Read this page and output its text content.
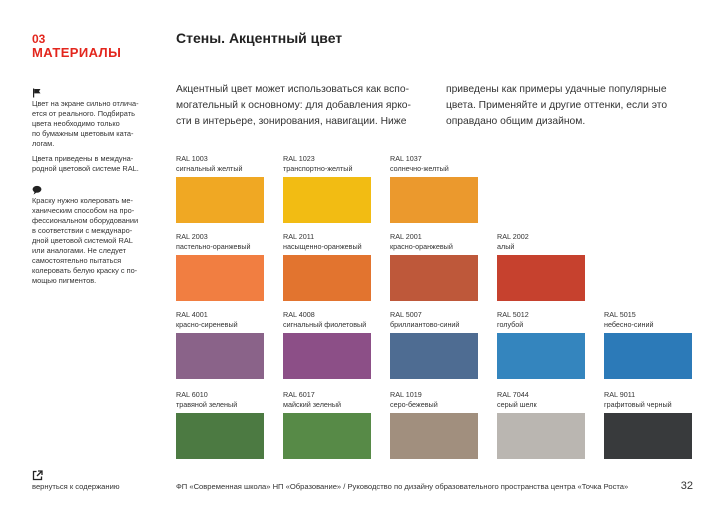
03
МАТЕРИАЛЫ
Стены. Акцентный цвет
Цвет на экране сильно отлича-
ется от реального. Подбирать
цвета необходимо только
по бумажным цветовым ката-
логам.
Цвета приведены в междуна-
родной цветовой системе RAL.
Краску нужно колеровать ме-
ханическим способом на про-
фессиональном оборудовании
в соответствии с междунаро-
дной цветовой системой RAL
или аналогами. Не следует
самостоятельно пытаться
колеровать белую краску с по-
мощью пигментов.
Акцентный цвет может использоваться как вспо-
могательный к основному: для добавления яркo-
сти в интерьере, зонирования, навигации. Ниже
приведены как примеры удачные популярные
цвета. Применяйте и другие оттенки, если это
оправдано общим дизайном.
RAL 1003
сигнальный желтый
RAL 1023
транспортно-желтый
RAL 1037
солнечно-желтый
RAL 2003
пастельно-оранжевый
RAL 2011
насыщенно-оранжевый
RAL 2001
красно-оранжевый
RAL 2002
алый
RAL 4001
красно-сиреневый
RAL 4008
сигнальный фиолетовый
RAL 5007
бриллиантово-синий
RAL 5012
голубой
RAL 5015
небесно-синий
RAL 6010
травяной зеленый
RAL 6017
майский зеленый
RAL 1019
серо-бежевый
RAL 7044
серый шелк
RAL 9011
графитовый черный
вернуться к содержанию	ФП «Современная школа» НП «Образование» / Руководство по дизайну образовательного пространства центра «Точка Роста»	32
